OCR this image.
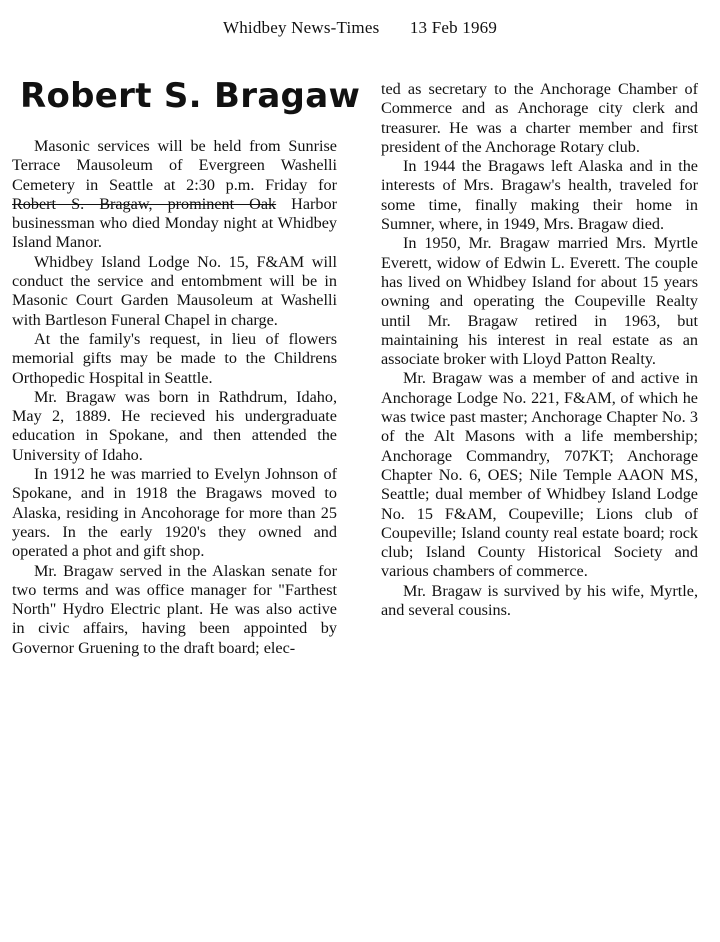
Whidbey News-Times 13 Feb 1969
Robert S. Bragaw

Masonic services will be held from Sunrise Terrace Mausoleum of Evergreen Washelli Cemetery in Seattle at 2:30 p.m. Friday for Robert S. Bragaw, prominent Oak Harbor businessman who died Monday night at Whidbey Island Manor.

Whidbey Island Lodge No. 15, F&AM will conduct the service and entombment will be in Masonic Court Garden Mausoleum at Washelli with Bartleson Funeral Chapel in charge.

At the family's request, in lieu of flowers memorial gifts may be made to the Childrens Orthopedic Hospital in Seattle.

Mr. Bragaw was born in Rathdrum, Idaho, May 2, 1889. He recieved his undergraduate education in Spokane, and then attended the University of Idaho.

In 1912 he was married to Evelyn Johnson of Spokane, and in 1918 the Bragaws moved to Alaska, residing in Ancohorage for more than 25 years. In the early 1920's they owned and operated a phot and gift shop.

Mr. Bragaw served in the Alaskan senate for two terms and was office manager for "Farthest North" Hydro Electric plant. He was also active in civic affairs, having been appointed by Governor Gruening to the draft board; elec-

ted as secretary to the Anchorage Chamber of Commerce and as Anchorage city clerk and treasurer. He was a charter member and first president of the Anchorage Rotary club.

In 1944 the Bragaws left Alaska and in the interests of Mrs. Bragaw's health, traveled for some time, finally making their home in Sumner, where, in 1949, Mrs. Bragaw died.

In 1950, Mr. Bragaw married Mrs. Myrtle Everett, widow of Edwin L. Everett. The couple has lived on Whidbey Island for about 15 years owning and operating the Coupeville Realty until Mr. Bragaw retired in 1963, but maintaining his interest in real estate as an associate broker with Lloyd Patton Realty.

Mr. Bragaw was a member of and active in Anchorage Lodge No. 221, F&AM, of which he was twice past master; Anchorage Chapter No. 3 of the Alt Masons with a life membership; Anchorage Commandry, 707KT; Anchorage Chapter No. 6, OES; Nile Temple AAON MS, Seattle; dual member of Whidbey Island Lodge No. 15 F&AM, Coupeville; Lions club of Coupeville; Island county real estate board; rock club; Island County Historical Society and various chambers of commerce.

Mr. Bragaw is survived by his wife, Myrtle, and several cousins.
